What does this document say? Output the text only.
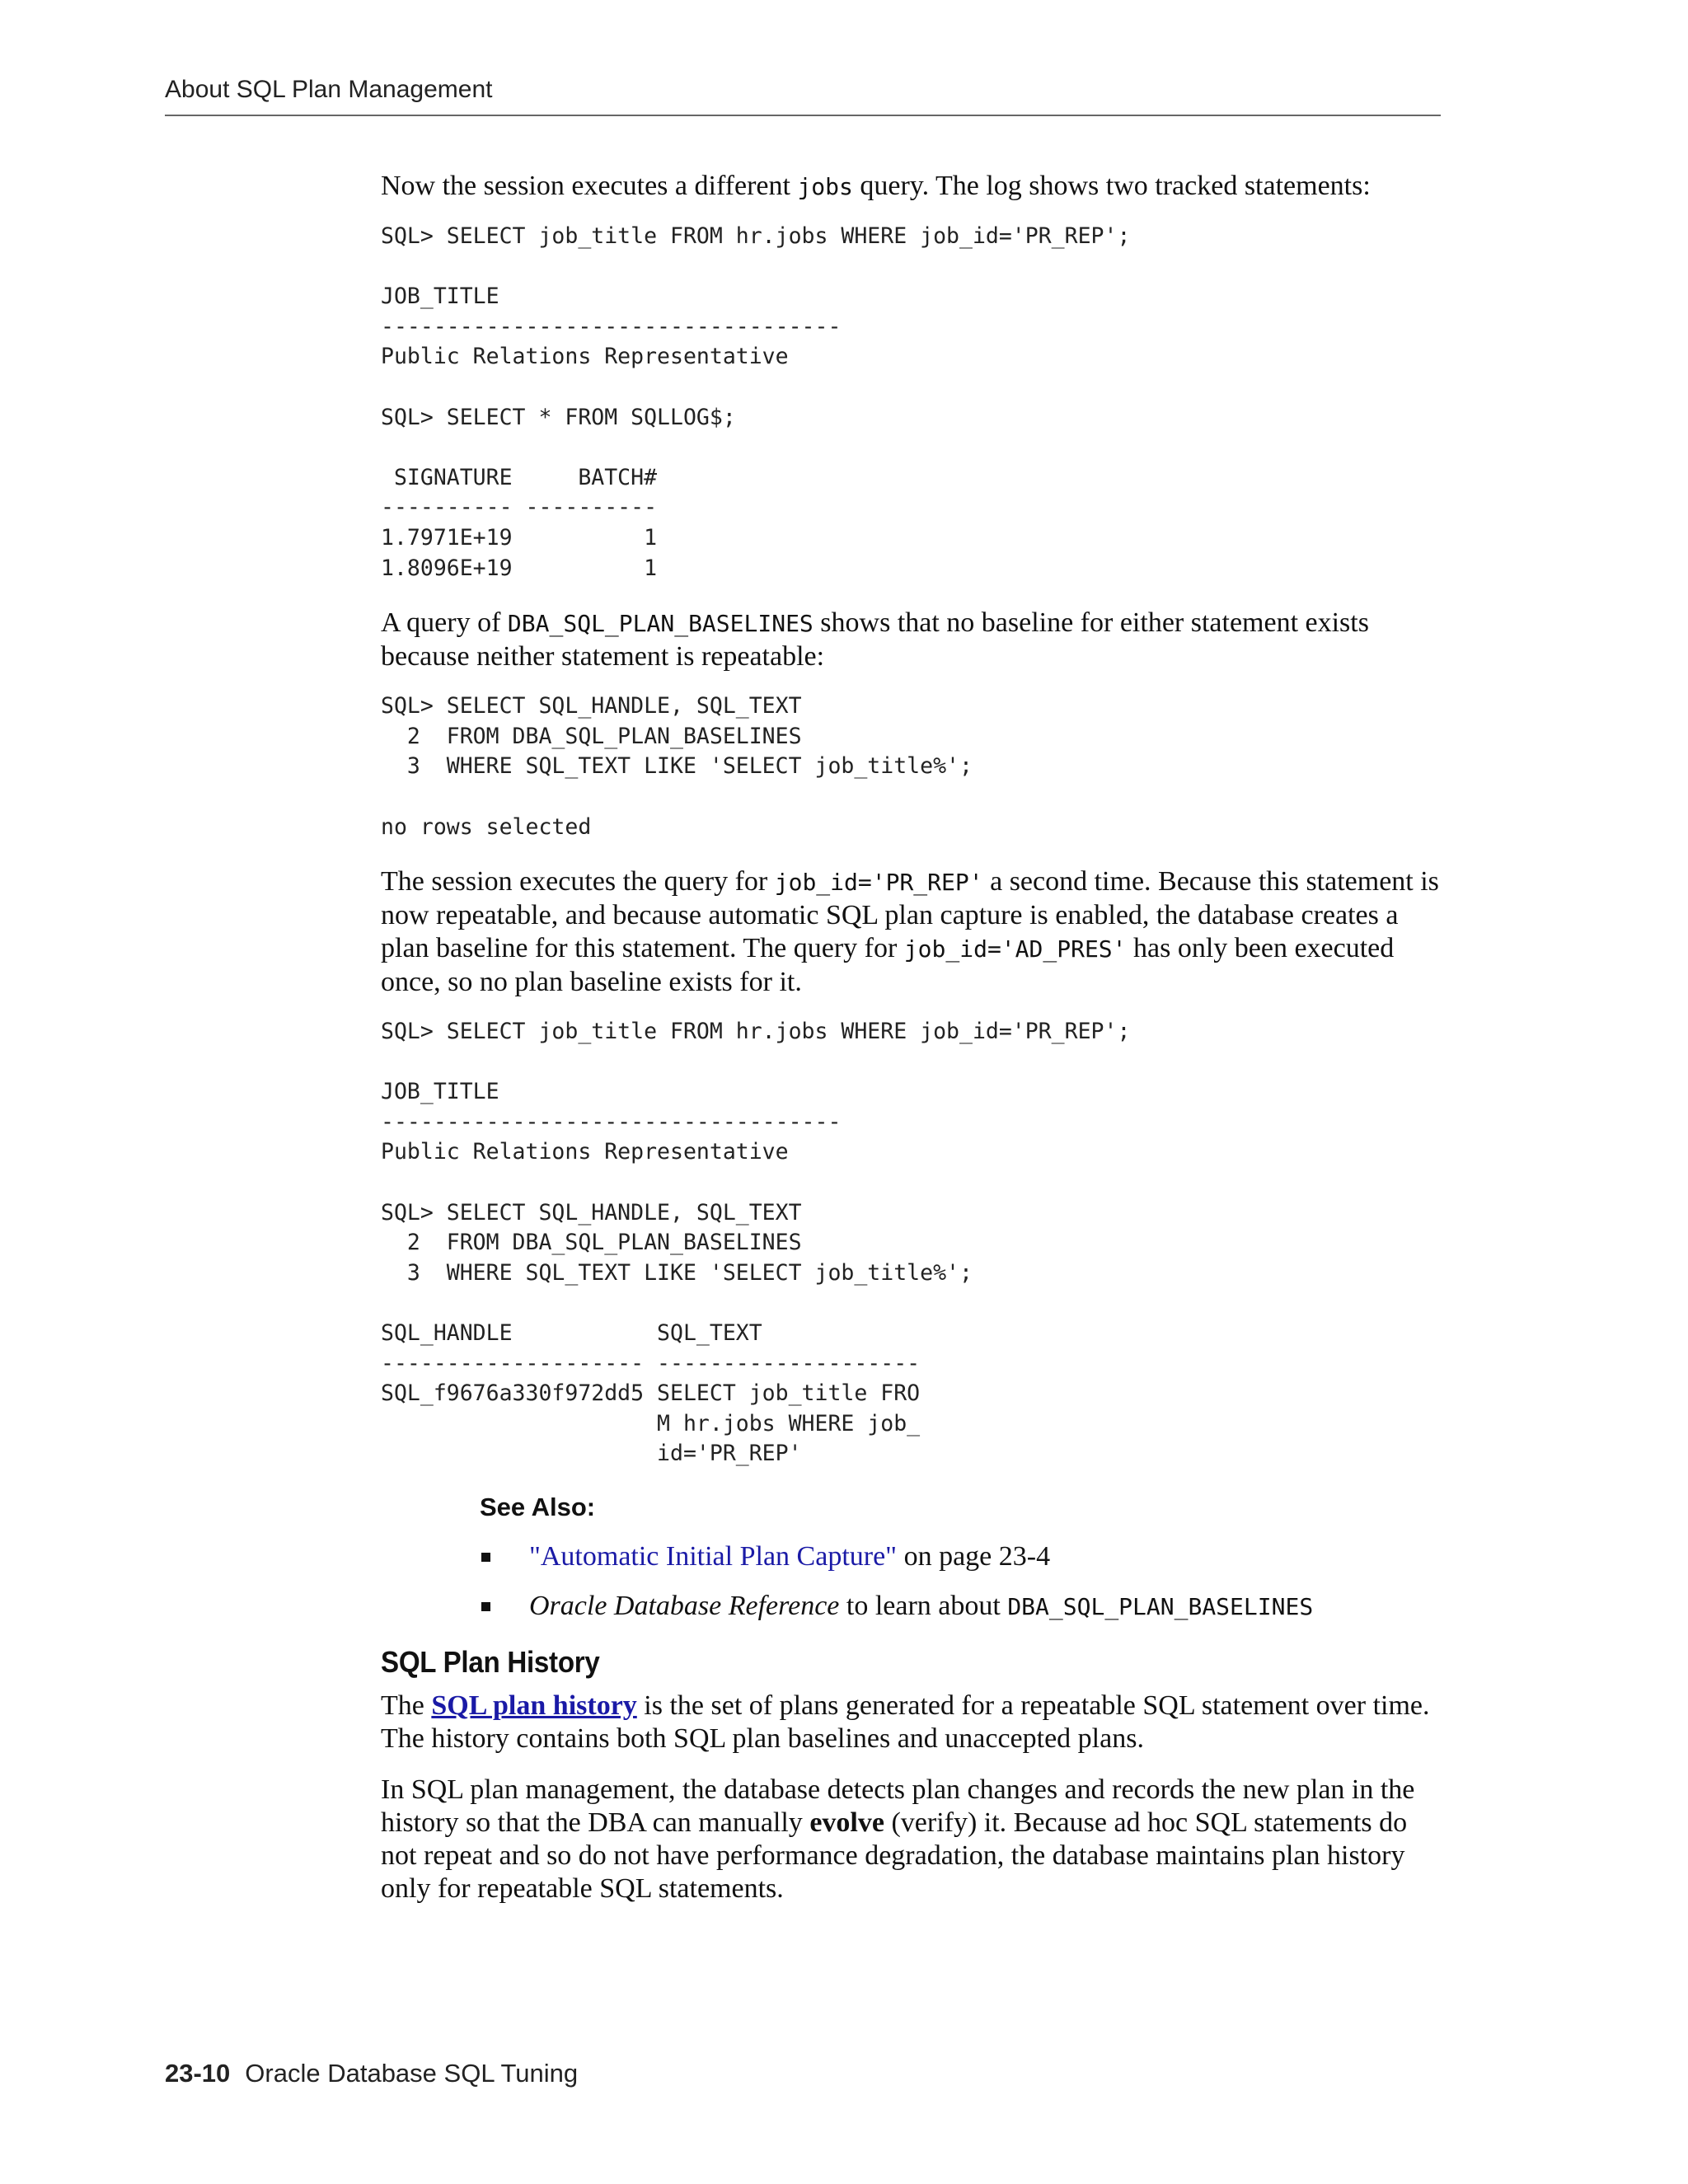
About SQL Plan Management

Now the session executes a different jobs query. The log shows two tracked statements:

SQL> SELECT job_title FROM hr.jobs WHERE job_id='PR_REP';

JOB_TITLE
-----------------------------------
Public Relations Representative

SQL> SELECT * FROM SQLLOG$;

SIGNATURE     BATCH#
---------- ----------
1.7971E+19          1
1.8096E+19          1

A query of DBA_SQL_PLAN_BASELINES shows that no baseline for either statement exists because neither statement is repeatable:

SQL> SELECT SQL_HANDLE, SQL_TEXT
2  FROM DBA_SQL_PLAN_BASELINES
3  WHERE SQL_TEXT LIKE 'SELECT job_title%';

no rows selected

The session executes the query for job_id='PR_REP' a second time. Because this statement is now repeatable, and because automatic SQL plan capture is enabled, the database creates a plan baseline for this statement. The query for job_id='AD_PRES' has only been executed once, so no plan baseline exists for it.

SQL> SELECT job_title FROM hr.jobs WHERE job_id='PR_REP';

JOB_TITLE
-----------------------------------
Public Relations Representative

SQL> SELECT SQL_HANDLE, SQL_TEXT
2  FROM DBA_SQL_PLAN_BASELINES
3  WHERE SQL_TEXT LIKE 'SELECT job_title%';

SQL_HANDLE           SQL_TEXT
-------------------- --------------------
SQL_f9676a330f972dd5 SELECT job_title FRO
M hr.jobs WHERE job_
id='PR_REP'
See Also:
"Automatic Initial Plan Capture" on page 23-4
Oracle Database Reference to learn about DBA_SQL_PLAN_BASELINES
SQL Plan History

The SQL plan history is the set of plans generated for a repeatable SQL statement over time. The history contains both SQL plan baselines and unaccepted plans.

In SQL plan management, the database detects plan changes and records the new plan in the history so that the DBA can manually evolve (verify) it. Because ad hoc SQL statements do not repeat and so do not have performance degradation, the database maintains plan history only for repeatable SQL statements.

23-10 Oracle Database SQL Tuning
